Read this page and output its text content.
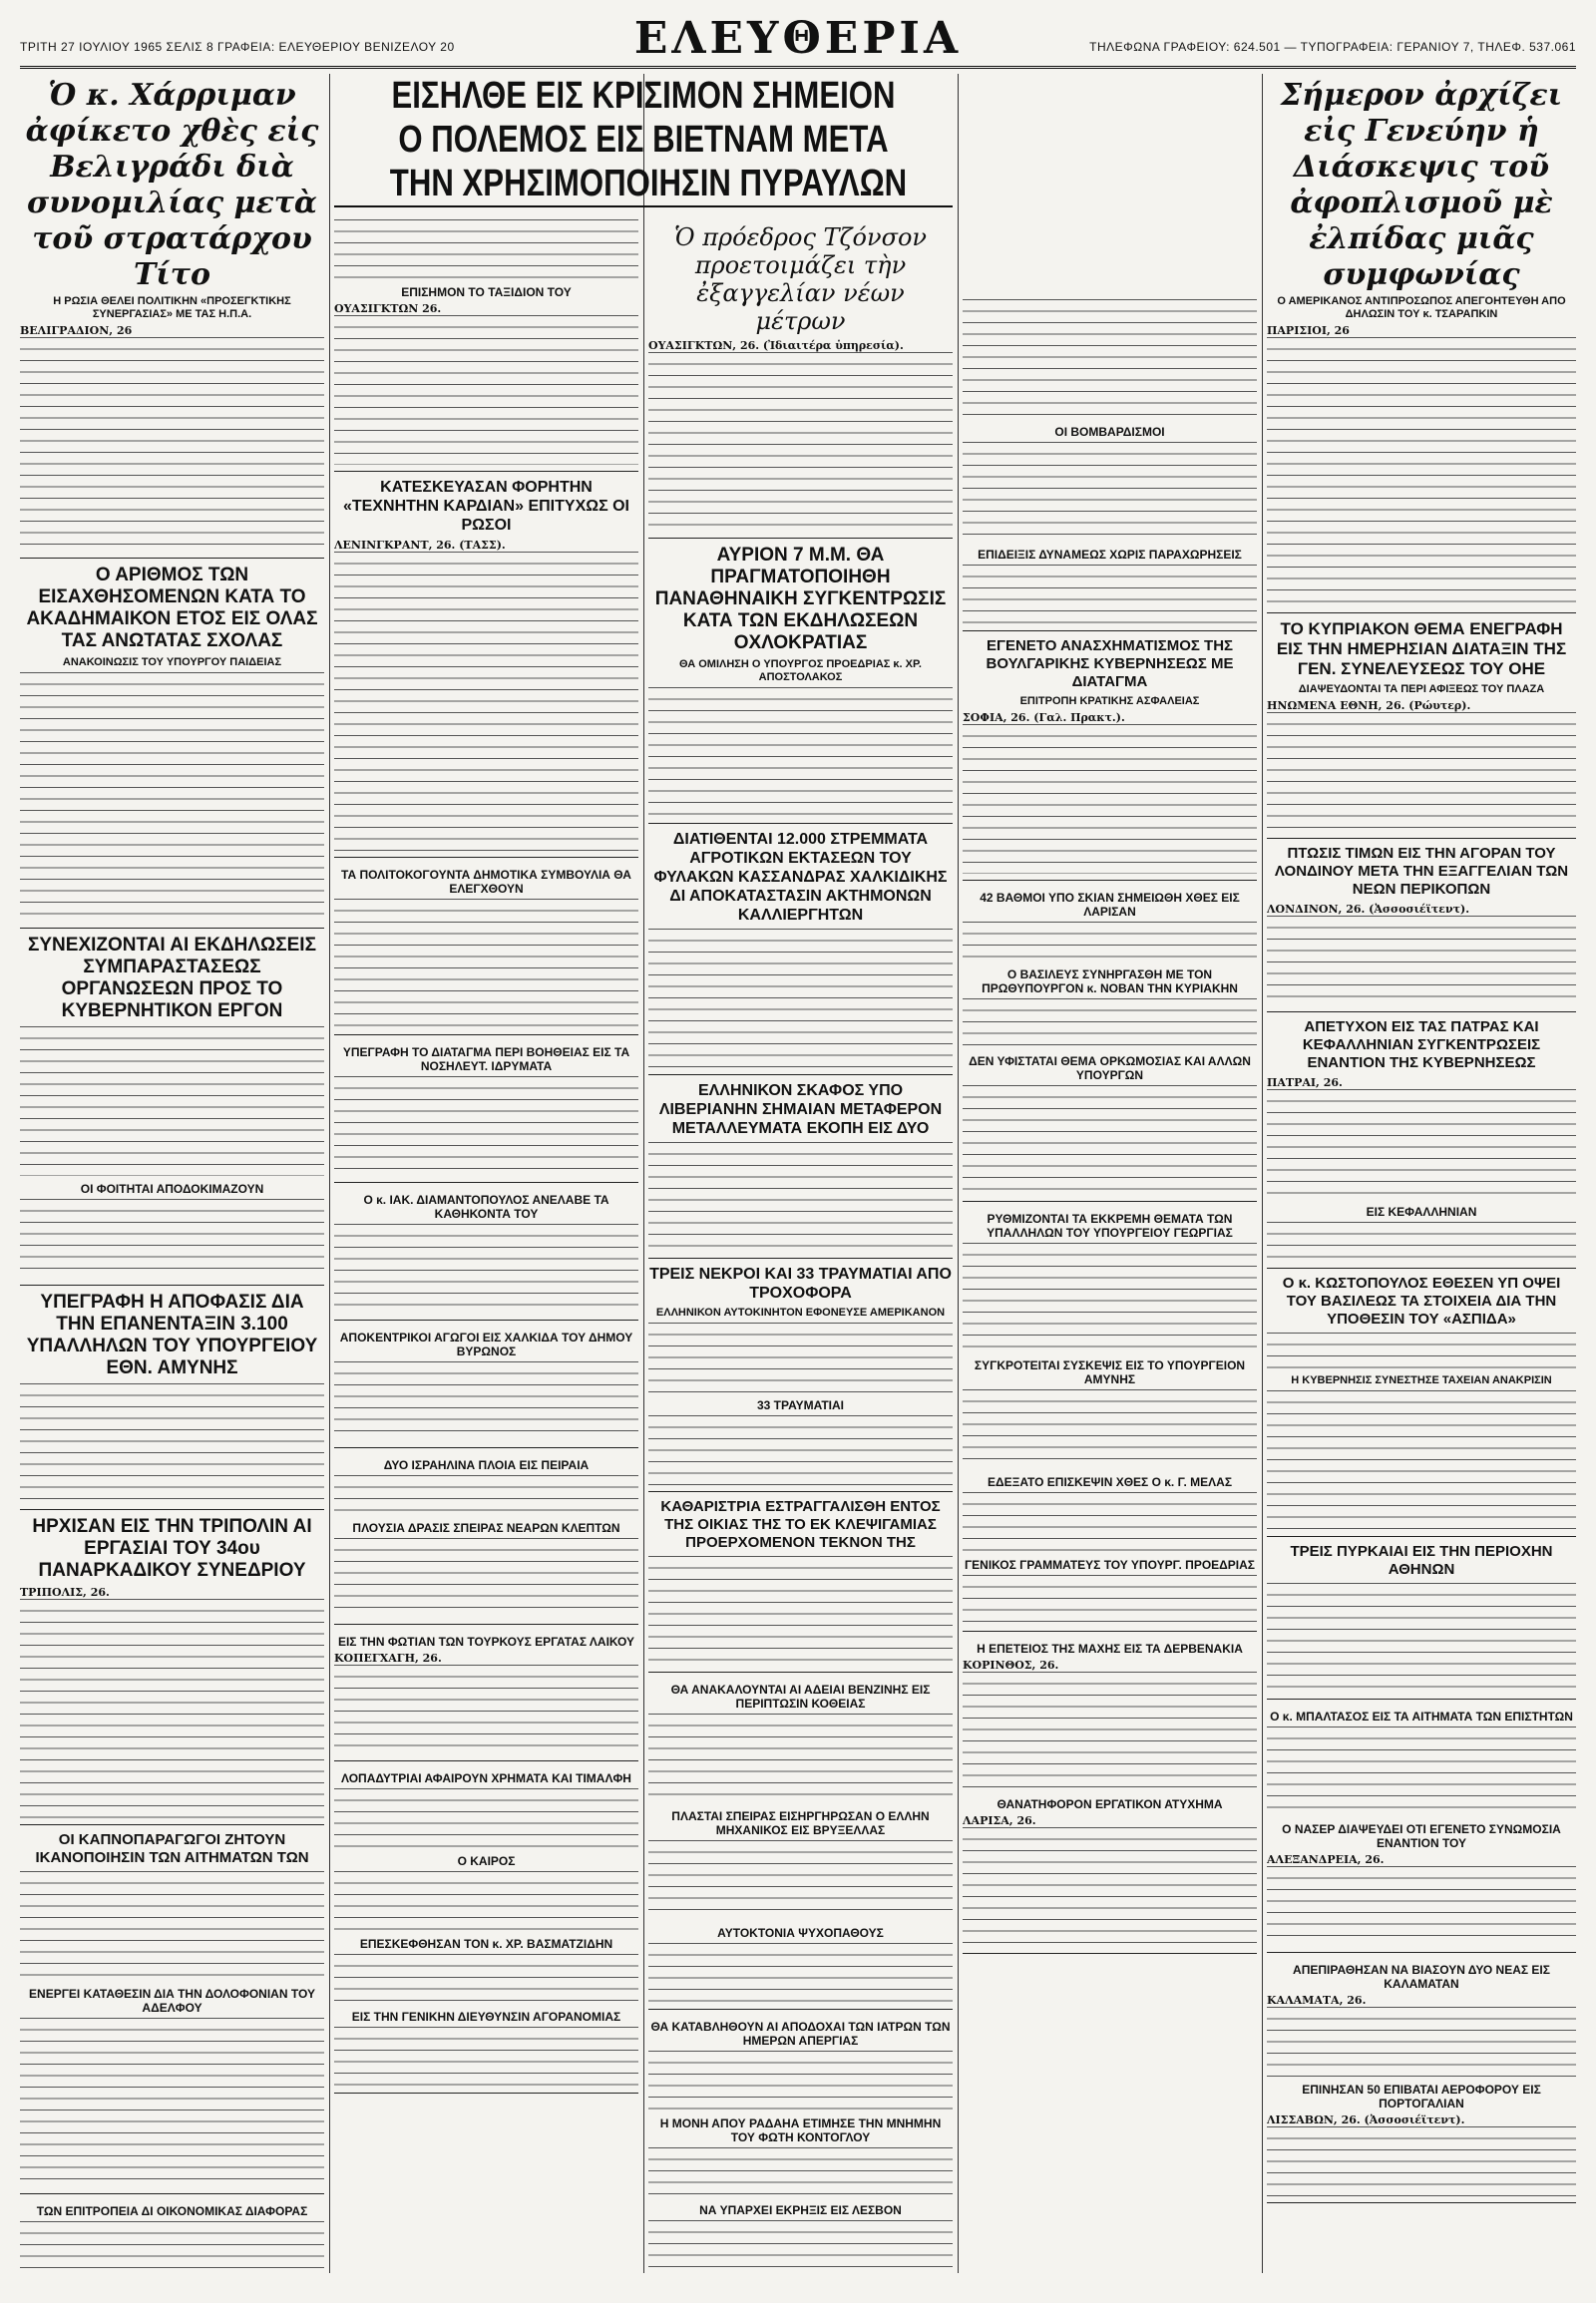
ΤΡΙΤΗ 27 ΙΟΥΛΙΟΥ 1965 ΣΕΛΙΣ 8 ΓΡΑΦΕΙΑ: ΕΛΕΥΘΕΡΙΟΥ ΒΕΝΙΖΕΛΟΥ 20	ΕΛΕΥΘΕΡΙΑ	ΤΗΛΕΦΩΝΑ ΓΡΑΦΕΙΟΥ: 624.501 — ΤΥΠΟΓΡΑΦΕΙΑ: ΓΕΡΑΝΙΟΥ 7, ΤΗΛΕΦ. 537.061
Ὁ κ. Χάρριμαν ἀφίκετο χθὲς εἰς Βελιγράδι διὰ συνομιλίας μετὰ τοῦ στρατάρχου Τίτο
Η ΡΩΣΙΑ ΘΕΛΕΙ ΠΟΛΙΤΙΚΗΝ «ΠΡΟΣΕΓΚΤΙΚΗΣ ΣΥΝΕΡΓΑΣΙΑΣ» ΜΕ ΤΑΣ Η.Π.Α.
ΒΕΛΙΓΡΑΔΙΟΝ, 26
Ο ΑΡΙΘΜΟΣ ΤΩΝ ΕΙΣΑΧΘΗΣΟΜΕΝΩΝ ΚΑΤΑ ΤΟ ΑΚΑΔΗΜΑΙΚΟΝ ΕΤΟΣ ΕΙΣ ΟΛΑΣ ΤΑΣ ΑΝΩΤΑΤΑΣ ΣΧΟΛΑΣ
ΑΝΑΚΟΙΝΩΣΙΣ ΤΟΥ ΥΠΟΥΡΓΟΥ ΠΑΙΔΕΙΑΣ
ΣΥΝΕΧΙΖΟΝΤΑΙ ΑΙ ΕΚΔΗΛΩΣΕΙΣ ΣΥΜΠΑΡΑΣΤΑΣΕΩΣ ΟΡΓΑΝΩΣΕΩΝ ΠΡΟΣ ΤΟ ΚΥΒΕΡΝΗΤΙΚΟΝ ΕΡΓΟΝ
ΟΙ ΦΟΙΤΗΤΑΙ ΑΠΟΔΟΚΙΜΑΖΟΥΝ
ΥΠΕΓΡΑΦΗ Η ΑΠΟΦΑΣΙΣ ΔΙΑ ΤΗΝ ΕΠΑΝΕΝΤΑΞΙΝ 3.100 ΥΠΑΛΛΗΛΩΝ ΤΟΥ ΥΠΟΥΡΓΕΙΟΥ ΕΘΝ. ΑΜΥΝΗΣ
ΗΡΧΙΣΑΝ ΕΙΣ ΤΗΝ ΤΡΙΠΟΛΙΝ ΑΙ ΕΡΓΑΣΙΑΙ ΤΟΥ 34ου ΠΑΝΑΡΚΑΔΙΚΟΥ ΣΥΝΕΔΡΙΟΥ
ΤΡΙΠΟΛΙΣ, 26.
ΟΙ ΚΑΠΝΟΠΑΡΑΓΩΓΟΙ ΖΗΤΟΥΝ ΙΚΑΝΟΠΟΙΗΣΙΝ ΤΩΝ ΑΙΤΗΜΑΤΩΝ ΤΩΝ
ΕΝΕΡΓΕΙ ΚΑΤΑΘΕΣΙΝ ΔΙΑ ΤΗΝ ΔΟΛΟΦΟΝΙΑΝ ΤΟΥ ΑΔΕΛΦΟΥ
ΤΩΝ ΕΠΙΤΡΟΠΕΙΑ ΔΙ ΟΙΚΟΝΟΜΙΚΑΣ ΔΙΑΦΟΡΑΣ
ΕΙΣΗΛΘΕ ΕΙΣ ΚΡΙΣΙΜΟΝ ΣΗΜΕΙΟΝ
Ο ΠΟΛΕΜΟΣ ΕΙΣ ΒΙΕΤΝΑΜ ΜΕΤΑ
ΤΗΝ ΧΡΗΣΙΜΟΠΟΙΗΣΙΝ ΠΥΡΑΥΛΩΝ
ΕΠΙΣΗΜΟΝ ΤΟ ΤΑΞΙΔΙΟΝ ΤΟΥ
ΟΥΑΣΙΓΚΤΩΝ 26.
ΚΑΤΕΣΚΕΥΑΣΑΝ ΦΟΡΗΤΗΝ «ΤΕΧΝΗΤΗΝ ΚΑΡΔΙΑΝ» ΕΠΙΤΥΧΩΣ ΟΙ ΡΩΣΟΙ
ΛΕΝΙΝΓΚΡΑΝΤ, 26. (ΤΑΣΣ).
ΤΑ ΠΟΛΙΤΟΚΟΓΟΥΝΤΑ ΔΗΜΟΤΙΚΑ ΣΥΜΒΟΥΛΙΑ ΘΑ ΕΛΕΓΧΘΟΥΝ
ΥΠΕΓΡΑΦΗ ΤΟ ΔΙΑΤΑΓΜΑ ΠΕΡΙ ΒΟΗΘΕΙΑΣ ΕΙΣ ΤΑ ΝΟΣΗΛΕΥΤ. ΙΔΡΥΜΑΤΑ
Ο κ. ΙΑΚ. ΔΙΑΜΑΝΤΟΠΟΥΛΟΣ ΑΝΕΛΑΒΕ ΤΑ ΚΑΘΗΚΟΝΤΑ ΤΟΥ
ΑΠΟΚΕΝΤΡΙΚΟΙ ΑΓΩΓΟΙ ΕΙΣ ΧΑΛΚΙΔΑ ΤΟΥ ΔΗΜΟΥ ΒΥΡΩΝΟΣ
ΔΥΟ ΙΣΡΑΗΛΙΝΑ ΠΛΟΙΑ ΕΙΣ ΠΕΙΡΑΙΑ
ΠΛΟΥΣΙΑ ΔΡΑΣΙΣ ΣΠΕΙΡΑΣ ΝΕΑΡΩΝ ΚΛΕΠΤΩΝ
ΕΙΣ ΤΗΝ ΦΩΤΙΑΝ ΤΩΝ ΤΟΥΡΚΟΥΣ ΕΡΓΑΤΑΣ ΛΑΙΚΟΥ
ΚΟΠΕΓΧΑΓΗ, 26.
ΛΟΠΑΔΥΤΡΙΑΙ ΑΦΑΙΡΟΥΝ ΧΡΗΜΑΤΑ ΚΑΙ ΤΙΜΑΛΦΗ
Ο ΚΑΙΡΟΣ
ΕΠΕΣΚΕΦΘΗΣΑΝ ΤΟΝ κ. ΧΡ. ΒΑΣΜΑΤΖΙΔΗΝ
ΕΙΣ ΤΗΝ ΓΕΝΙΚΗΝ ΔΙΕΥΘΥΝΣΙΝ ΑΓΟΡΑΝΟΜΙΑΣ
Ὁ πρόεδρος Τζόνσον προετοιμάζει τὴν ἐξαγγελίαν νέων μέτρων
ΟΥΑΣΙΓΚΤΩΝ, 26. (Ἰδιαιτέρα ὑπηρεσία).
ΑΥΡΙΟΝ 7 Μ.Μ. ΘΑ ΠΡΑΓΜΑΤΟΠΟΙΗΘΗ ΠΑΝΑΘΗΝΑΙΚΗ ΣΥΓΚΕΝΤΡΩΣΙΣ ΚΑΤΑ ΤΩΝ ΕΚΔΗΛΩΣΕΩΝ ΟΧΛΟΚΡΑΤΙΑΣ
ΘΑ ΟΜΙΛΗΣΗ Ο ΥΠΟΥΡΓΟΣ ΠΡΟΕΔΡΙΑΣ κ. ΧΡ. ΑΠΟΣΤΟΛΑΚΟΣ
ΔΙΑΤΙΘΕΝΤΑΙ 12.000 ΣΤΡΕΜΜΑΤΑ ΑΓΡΟΤΙΚΩΝ ΕΚΤΑΣΕΩΝ ΤΟΥ ΦΥΛΑΚΩΝ ΚΑΣΣΑΝΔΡΑΣ ΧΑΛΚΙΔΙΚΗΣ ΔΙ ΑΠΟΚΑΤΑΣΤΑΣΙΝ ΑΚΤΗΜΟΝΩΝ ΚΑΛΛΙΕΡΓΗΤΩΝ
ΕΛΛΗΝΙΚΟΝ ΣΚΑΦΟΣ ΥΠΟ ΛΙΒΕΡΙΑΝΗΝ ΣΗΜΑΙΑΝ ΜΕΤΑΦΕΡΟΝ ΜΕΤΑΛΛΕΥΜΑΤΑ ΕΚΟΠΗ ΕΙΣ ΔΥΟ
ΤΡΕΙΣ ΝΕΚΡΟΙ ΚΑΙ 33 ΤΡΑΥΜΑΤΙΑΙ ΑΠΟ ΤΡΟΧΟΦΟΡΑ
ΕΛΛΗΝΙΚΟΝ ΑΥΤΟΚΙΝΗΤΟΝ ΕΦΟΝΕΥΣΕ ΑΜΕΡΙΚΑΝΟΝ
33 ΤΡΑΥΜΑΤΙΑΙ
ΚΑΘΑΡΙΣΤΡΙΑ ΕΣΤΡΑΓΓΑΛΙΣΘΗ ΕΝΤΟΣ ΤΗΣ ΟΙΚΙΑΣ ΤΗΣ ΤΟ ΕΚ ΚΛΕΨΙΓΑΜΙΑΣ ΠΡΟΕΡΧΟΜΕΝΟΝ ΤΕΚΝΟΝ ΤΗΣ
ΘΑ ΑΝΑΚΑΛΟΥΝΤΑΙ ΑΙ ΑΔΕΙΑΙ ΒΕΝΖΙΝΗΣ ΕΙΣ ΠΕΡΙΠΤΩΣΙΝ ΚΟΘΕΙΑΣ
ΠΛΑΣΤΑΙ ΣΠΕΙΡΑΣ ΕΙΣΗΡΓΗΡΩΣΑΝ Ο ΕΛΛΗΝ ΜΗΧΑΝΙΚΟΣ ΕΙΣ ΒΡΥΞΕΛΛΑΣ
ΑΥΤΟΚΤΟΝΙΑ ΨΥΧΟΠΑΘΟΥΣ
ΘΑ ΚΑΤΑΒΛΗΘΟΥΝ ΑΙ ΑΠΟΔΟΧΑΙ ΤΩΝ ΙΑΤΡΩΝ ΤΩΝ ΗΜΕΡΩΝ ΑΠΕΡΓΙΑΣ
Η ΜΟΝΗ ΑΠΟΥ ΡΑΔΑΗΑ ΕΤΙΜΗΣΕ ΤΗΝ ΜΝΗΜΗΝ ΤΟΥ ΦΩΤΗ ΚΟΝΤΟΓΛΟΥ
ΝΑ ΥΠΑΡΧΕΙ ΕΚΡΗΞΙΣ ΕΙΣ ΛΕΣΒΟΝ
ΟΙ ΒΟΜΒΑΡΔΙΣΜΟΙ
ΕΠΙΔΕΙΞΙΣ ΔΥΝΑΜΕΩΣ ΧΩΡΙΣ ΠΑΡΑΧΩΡΗΣΕΙΣ
ΕΓΕΝΕΤΟ ΑΝΑΣΧΗΜΑΤΙΣΜΟΣ ΤΗΣ ΒΟΥΛΓΑΡΙΚΗΣ ΚΥΒΕΡΝΗΣΕΩΣ ΜΕ ΔΙΑΤΑΓΜΑ
ΕΠΙΤΡΟΠΗ ΚΡΑΤΙΚΗΣ ΑΣΦΑΛΕΙΑΣ
ΣΟΦΙΑ, 26. (Γαλ. Πρακτ.).
42 ΒΑΘΜΟΙ ΥΠΟ ΣΚΙΑΝ ΣΗΜΕΙΩΘΗ ΧΘΕΣ ΕΙΣ ΛΑΡΙΣΑΝ
Ο ΒΑΣΙΛΕΥΣ ΣΥΝΗΡΓΑΣΘΗ ΜΕ ΤΟΝ ΠΡΩΘΥΠΟΥΡΓΟΝ κ. ΝΟΒΑΝ ΤΗΝ ΚΥΡΙΑΚΗΝ
ΔΕΝ ΥΦΙΣΤΑΤΑΙ ΘΕΜΑ ΟΡΚΩΜΟΣΙΑΣ ΚΑΙ ΑΛΛΩΝ ΥΠΟΥΡΓΩΝ
ΡΥΘΜΙΖΟΝΤΑΙ ΤΑ ΕΚΚΡΕΜΗ ΘΕΜΑΤΑ ΤΩΝ ΥΠΑΛΛΗΛΩΝ ΤΟΥ ΥΠΟΥΡΓΕΙΟΥ ΓΕΩΡΓΙΑΣ
ΣΥΓΚΡΟΤΕΙΤΑΙ ΣΥΣΚΕΨΙΣ ΕΙΣ ΤΟ ΥΠΟΥΡΓΕΙΟΝ ΑΜΥΝΗΣ
ΕΔΕΞΑΤΟ ΕΠΙΣΚΕΨΙΝ ΧΘΕΣ Ο κ. Γ. ΜΕΛΑΣ
ΓΕΝΙΚΟΣ ΓΡΑΜΜΑΤΕΥΣ ΤΟΥ ΥΠΟΥΡΓ. ΠΡΟΕΔΡΙΑΣ
Η ΕΠΕΤΕΙΟΣ ΤΗΣ ΜΑΧΗΣ ΕΙΣ ΤΑ ΔΕΡΒΕΝΑΚΙΑ
ΚΟΡΙΝΘΟΣ, 26.
ΘΑΝΑΤΗΦΟΡΟΝ ΕΡΓΑΤΙΚΟΝ ΑΤΥΧΗΜΑ
ΛΑΡΙΣΑ, 26.
Σήμερον ἀρχίζει εἰς Γενεύην ἡ Διάσκεψις τοῦ ἀφοπλισμοῦ μὲ ἐλπίδας μιᾶς συμφωνίας
Ο ΑΜΕΡΙΚΑΝΟΣ ΑΝΤΙΠΡΟΣΩΠΟΣ ΑΠΕΓΟΗΤΕΥΘΗ ΑΠΟ ΔΗΛΩΣΙΝ ΤΟΥ κ. ΤΣΑΡΑΠΚΙΝ
ΠΑΡΙΣΙΟΙ, 26
ΤΟ ΚΥΠΡΙΑΚΟΝ ΘΕΜΑ ΕΝΕΓΡΑΦΗ ΕΙΣ ΤΗΝ ΗΜΕΡΗΣΙΑΝ ΔΙΑΤΑΞΙΝ ΤΗΣ ΓΕΝ. ΣΥΝΕΛΕΥΣΕΩΣ ΤΟΥ ΟΗΕ
ΔΙΑΨΕΥΔΟΝΤΑΙ ΤΑ ΠΕΡΙ ΑΦΙΞΕΩΣ ΤΟΥ ΠΛΑΖΑ
ΗΝΩΜΕΝΑ ΕΘΝΗ, 26. (Ρώυτερ).
ΠΤΩΣΙΣ ΤΙΜΩΝ ΕΙΣ ΤΗΝ ΑΓΟΡΑΝ ΤΟΥ ΛΟΝΔΙΝΟΥ ΜΕΤΑ ΤΗΝ ΕΞΑΓΓΕΛΙΑΝ ΤΩΝ ΝΕΩΝ ΠΕΡΙΚΟΠΩΝ
ΛΟΝΔΙΝΟΝ, 26. (Ἀσσοσιέϊτεντ).
ΑΠΕΤΥΧΟΝ ΕΙΣ ΤΑΣ ΠΑΤΡΑΣ ΚΑΙ ΚΕΦΑΛΛΗΝΙΑΝ ΣΥΓΚΕΝΤΡΩΣΕΙΣ ΕΝΑΝΤΙΟΝ ΤΗΣ ΚΥΒΕΡΝΗΣΕΩΣ
ΠΑΤΡΑΙ, 26.
ΕΙΣ ΚΕΦΑΛΛΗΝΙΑΝ
Ο κ. ΚΩΣΤΟΠΟΥΛΟΣ ΕΘΕΣΕΝ ΥΠ ΟΨΕΙ ΤΟΥ ΒΑΣΙΛΕΩΣ ΤΑ ΣΤΟΙΧΕΙΑ ΔΙΑ ΤΗΝ ΥΠΟΘΕΣΙΝ ΤΟΥ «ΑΣΠΙΔΑ»
Η ΚΥΒΕΡΝΗΣΙΣ ΣΥΝΕΣΤΗΣΕ ΤΑΧΕΙΑΝ ΑΝΑΚΡΙΣΙΝ
ΤΡΕΙΣ ΠΥΡΚΑΙΑΙ ΕΙΣ ΤΗΝ ΠΕΡΙΟΧΗΝ ΑΘΗΝΩΝ
Ο κ. ΜΠΑΛΤΑΣΟΣ ΕΙΣ ΤΑ ΑΙΤΗΜΑΤΑ ΤΩΝ ΕΠΙΣΤΗΤΩΝ
Ο ΝΑΣΕΡ ΔΙΑΨΕΥΔΕΙ ΟΤΙ ΕΓΕΝΕΤΟ ΣΥΝΩΜΟΣΙΑ ΕΝΑΝΤΙΟΝ ΤΟΥ
ΑΛΕΞΑΝΔΡΕΙΑ, 26.
ΑΠΕΠΙΡΑΘΗΣΑΝ ΝΑ ΒΙΑΣΟΥΝ ΔΥΟ ΝΕΑΣ ΕΙΣ ΚΑΛΑΜΑΤΑΝ
ΚΑΛΑΜΑΤΑ, 26.
ΕΠΙΝΗΣΑΝ 50 ΕΠΙΒΑΤΑΙ ΑΕΡΟΦΟΡΟΥ ΕΙΣ ΠΟΡΤΟΓΑΛΙΑΝ
ΛΙΣΣΑΒΩΝ, 26. (Ἀσσοσιέϊτεντ).
